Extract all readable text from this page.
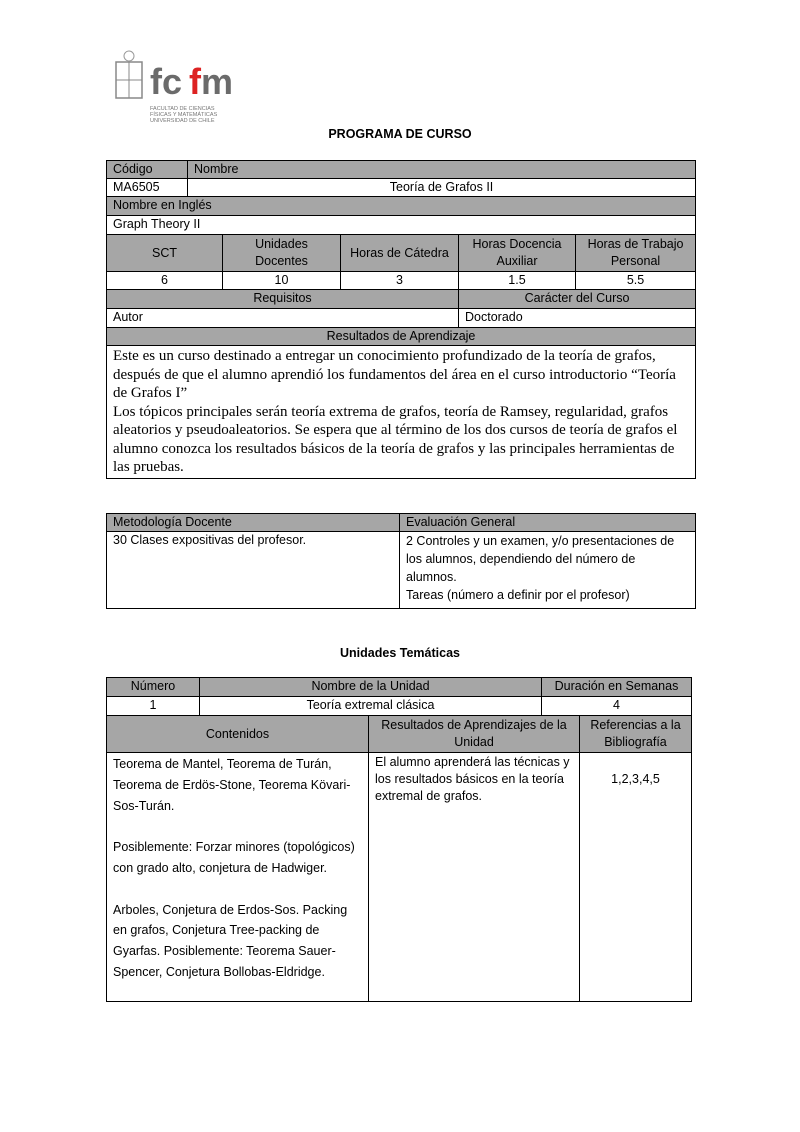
fc f m
FACULTAD DE CIENCIAS
FÍSICAS Y MATEMÁTICAS
UNIVERSIDAD DE CHILE
PROGRAMA DE CURSO
Código	Nombre				
MA6505	Teoría de Grafos II				
Nombre en Inglés					
Graph Theory II					
SCT		Unidades Docentes	Horas de Cátedra	Horas Docencia Auxiliar	Horas de Trabajo Personal
6		10	3	1.5	5.5
Requisitos				Carácter del Curso	
Autor				Doctorado	
Resultados de Aprendizaje					
Este es un curso destinado a entregar un conocimiento profundizado de la teoría de grafos, después de que el alumno aprendió los fundamentos del área en el curso introductorio “Teoría de Grafos I”
Los tópicos principales serán teoría extrema de grafos, teoría de Ramsey, regularidad, grafos aleatorios y pseudoaleatorios. Se espera que al término de los dos cursos de teoría de grafos el alumno conozca los resultados básicos de la teoría de grafos y las principales herramientas de las pruebas.					
Metodología Docente	Evaluación General
30 Clases expositivas del profesor.	2 Controles y un examen, y/o presentaciones de los alumnos, dependiendo del número de alumnos.
Tareas (número a definir por el profesor)
Unidades Temáticas
Número	Nombre de la Unidad		Duración en Semanas	
1	Teoría extremal clásica		4	
Contenidos		Resultados de Aprendizajes de la Unidad		Referencias a la Bibliografía

Teorema de Mantel, Teorema de Turán, Teorema de Erdös-Stone, Teorema Kövari-Sos-Turán.

Posiblemente: Forzar minores (topológicos) con grado alto, conjetura de Hadwiger.

Arboles, Conjetura de Erdos-Sos. Packing en grafos, Conjetura Tree-packing de Gyarfas. Posiblemente: Teorema Sauer-Spencer, Conjetura Bollobas-Eldridge.		El alumno aprenderá las técnicas y los resultados básicos en la teoría extremal de grafos.		1,2,3,4,5
